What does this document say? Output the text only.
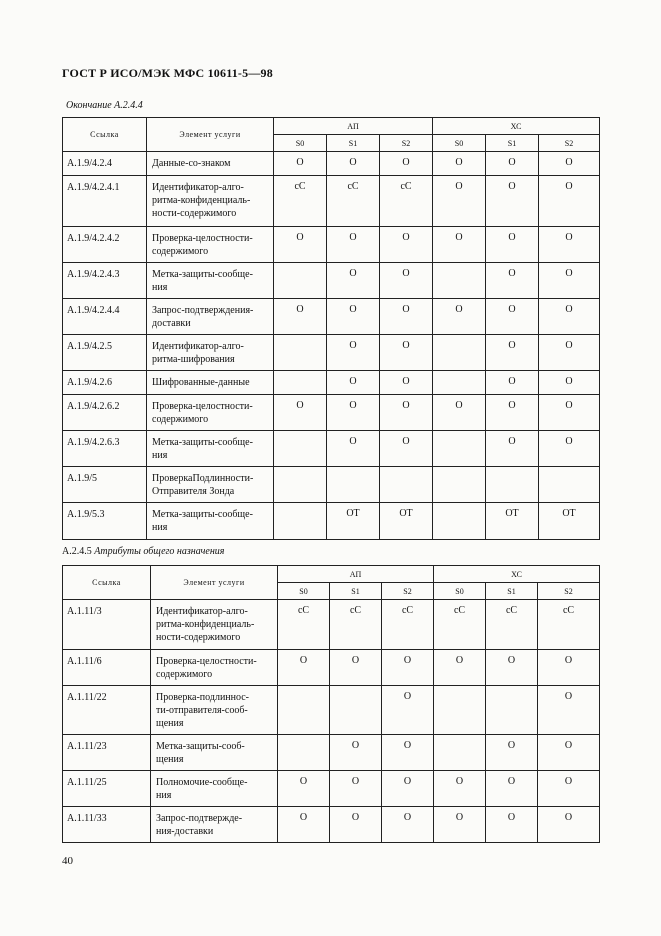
ГОСТ Р ИСО/МЭК МФС 10611-5—98
Окончание А.2.4.4
Ссылка	Элемент услуги	АП			ХС		
		S0	S1	S2	S0	S1	S2
A.1.9/4.2.4	Данные-со-знаком	O	O	O	O	O	O
A.1.9/4.2.4.1	Идентификатор-алго-
ритма-конфиденциаль-
ности-содержимого	cC	cC	cC	O	O	O
A.1.9/4.2.4.2	Проверка-целостности-
содержимого	O	O	O	O	O	O
A.1.9/4.2.4.3	Метка-защиты-сообще-
ния		O	O		O	O
A.1.9/4.2.4.4	Запрос-подтверждения-
доставки	O	O	O	O	O	O
A.1.9/4.2.5	Идентификатор-алго-
ритма-шифрования		O	O		O	O
A.1.9/4.2.6	Шифрованные-данные		O	O		O	O
A.1.9/4.2.6.2	Проверка-целостности-
содержимого	O	O	O	O	O	O
A.1.9/4.2.6.3	Метка-защиты-сообще-
ния		O	O		O	O
A.1.9/5	ПроверкаПодлинности-
Отправителя Зонда						
A.1.9/5.3	Метка-защиты-сообще-
ния		OT	OT		OT	OT
A.2.4.5 Атрибуты общего назначения
Ссылка	Элемент услуги	АП			ХС		
		S0	S1	S2	S0	S1	S2
A.1.11/3	Идентификатор-алго-
ритма-конфиденциаль-
ности-содержимого	cC	cC	cC	cC	cC	cC
A.1.11/6	Проверка-целостности-
содержимого	O	O	O	O	O	O
A.1.11/22	Проверка-подлиннос-
ти-отправителя-сооб-
щения			O			O
A.1.11/23	Метка-защиты-сооб-
щения		O	O		O	O
A.1.11/25	Полномочие-сообще-
ния	O	O	O	O	O	O
A.1.11/33	Запрос-подтвержде-
ния-доставки	O	O	O	O	O	O
40
